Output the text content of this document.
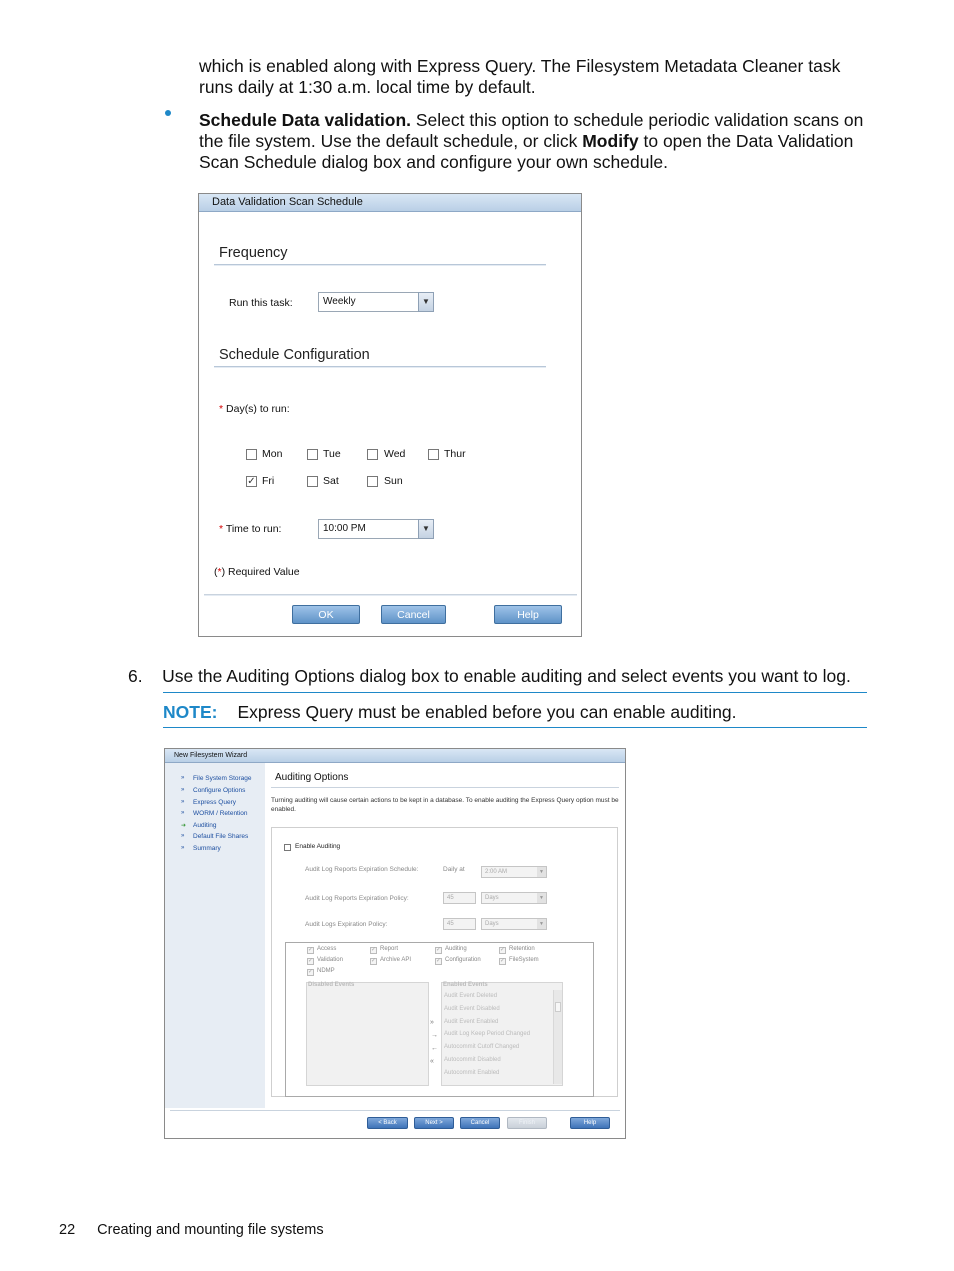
which is enabled along with Express Query. The Filesystem Metadata Cleaner task runs daily at 1:30 a.m. local time by default.

Schedule Data validation. Select this option to schedule periodic validation scans on the file system. Use the default schedule, or click Modify to open the Data Validation Scan Schedule dialog box and configure your own schedule.

Data Validation Scan Schedule
Frequency
Run this task:	Weekly	▼
Schedule Configuration
* Day(s) to run:
Mon	Tue	Wed	Thur
✓ Fri	Sat	Sun
* Time to run:	10:00 PM	▼
(*) Required Value
OK	Cancel	Help
6. Use the Auditing Options dialog box to enable auditing and select events you want to log.
NOTE: Express Query must be enabled before you can enable auditing.
New Filesystem Wizard
» File System Storage
» Configure Options
» Express Query
» WORM / Retention
➜ Auditing
» Default File Shares
» Summary
Auditing Options
Turning auditing will cause certain actions to be kept in a database. To enable auditing the Express Query option must be enabled.
Enable Auditing
Audit Log Reports Expiration Schedule:	Daily at	2:00 AM	▼
Audit Log Reports Expiration Policy:	45	Days	▼
Audit Logs Expiration Policy:	45	Days	▼
✓ Access	✓ Report	✓ Auditing	✓ Retention
✓ Validation	✓ Archive API	✓ Configuration	✓ FileSystem
✓ NDMP
Disabled Events
»
→
←
«
Enabled Events
Audit Event Deleted
Audit Event Disabled
Audit Event Enabled
Audit Log Keep Period Changed
Autocommit Cutoff Changed
Autocommit Disabled
Autocommit Enabled
< Back	Next >	Cancel	Finish	Help
22 Creating and mounting file systems
